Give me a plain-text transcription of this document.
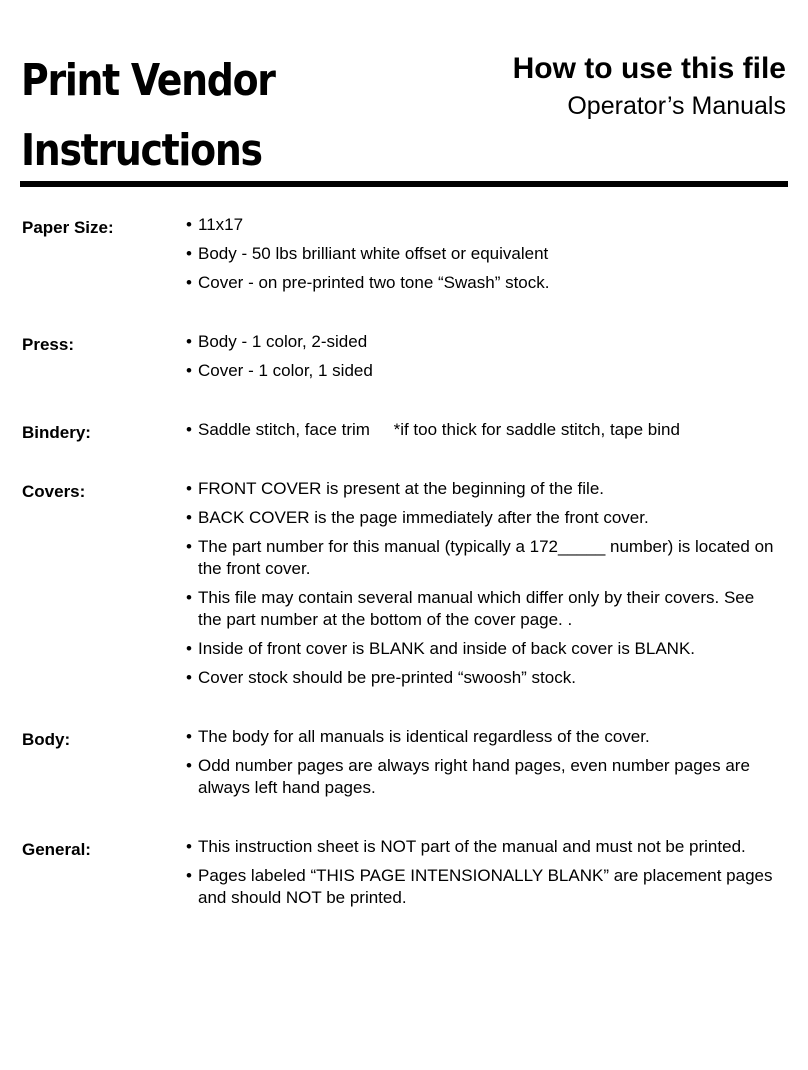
Print Vendor
Instructions
How to use this file
Operator’s Manuals
Paper Size:	• 11x17
• Body - 50 lbs brilliant white offset or equivalent
• Cover - on pre-printed two tone “Swash” stock.
Press:	• Body - 1 color, 2-sided
• Cover - 1 color, 1 sided
Bindery:	• Saddle stitch, face trim     *if too thick for saddle stitch, tape bind
Covers:	• FRONT COVER is present at the beginning of the file.
• BACK COVER is the page immediately after the front cover.
• The part number for this manual (typically a 172_____ number) is located on the front cover.
• This file may contain several manual which differ only by their covers. See the part number at the bottom of the cover page. .
• Inside of front cover is BLANK and inside of back cover is BLANK.
• Cover stock should be pre-printed “swoosh” stock.
Body:	• The body for all manuals is identical regardless of the cover.
• Odd number pages are always right hand pages, even number pages are always left hand pages.
General:	• This instruction sheet is NOT part of the manual and must not be printed.
• Pages labeled “THIS PAGE INTENSIONALLY BLANK” are placement pages and should NOT be printed.
